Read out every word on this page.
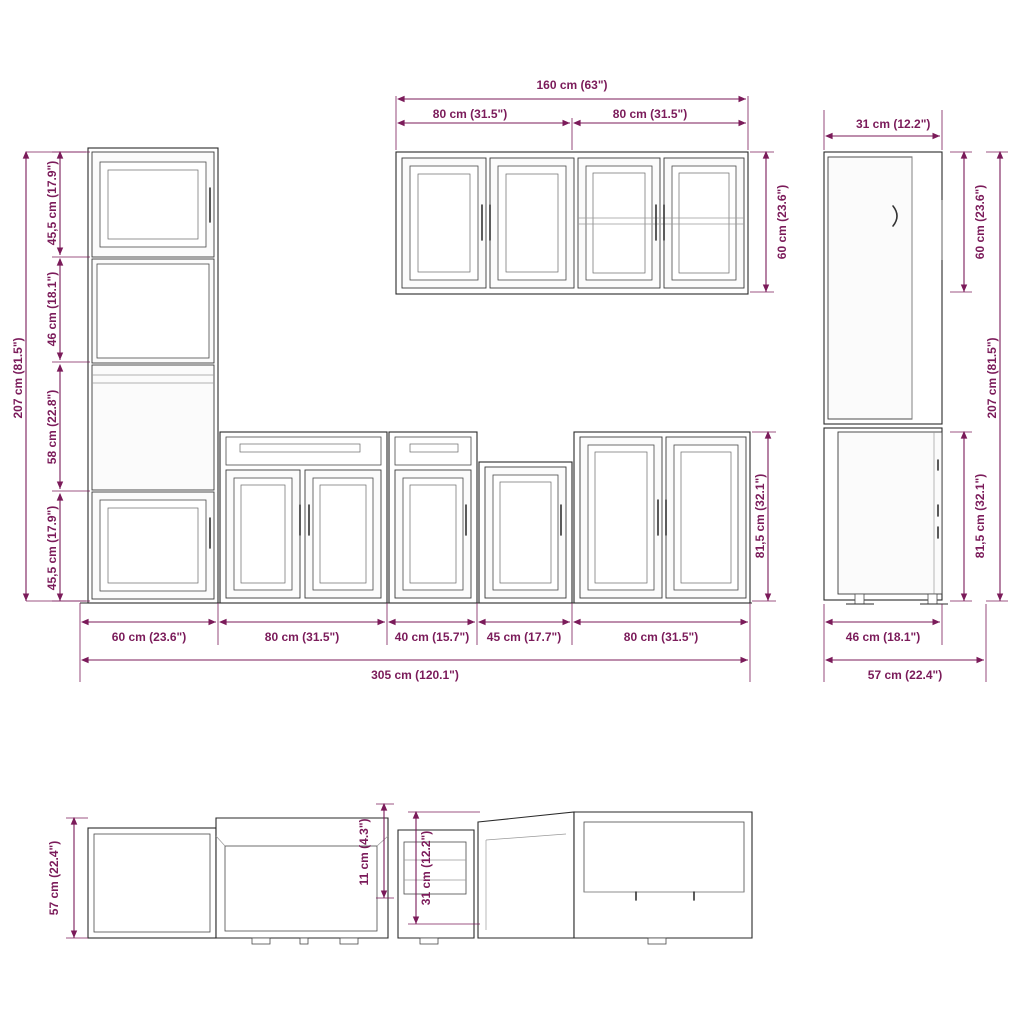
207 cm (81.5")
45,5 cm (17.9")
46 cm (18.1")
58 cm (22.8")
45,5 cm (17.9")	81,5 cm (32.1")
60 cm (23.6")	80 cm (31.5")	40 cm (15.7") 45 cm (17.7")	80 cm (31.5")
305 cm (120.1")
160 cm (63")
80 cm (31.5")	80 cm (31.5")
60 cm (23.6")
31 cm (12.2")
60 cm (23.6")
207 cm (81.5")
81,5 cm (32.1")
46 cm (18.1")
57 cm (22.4")
57 cm (22.4")	11 cm (4.3")	31 cm (12.2")
